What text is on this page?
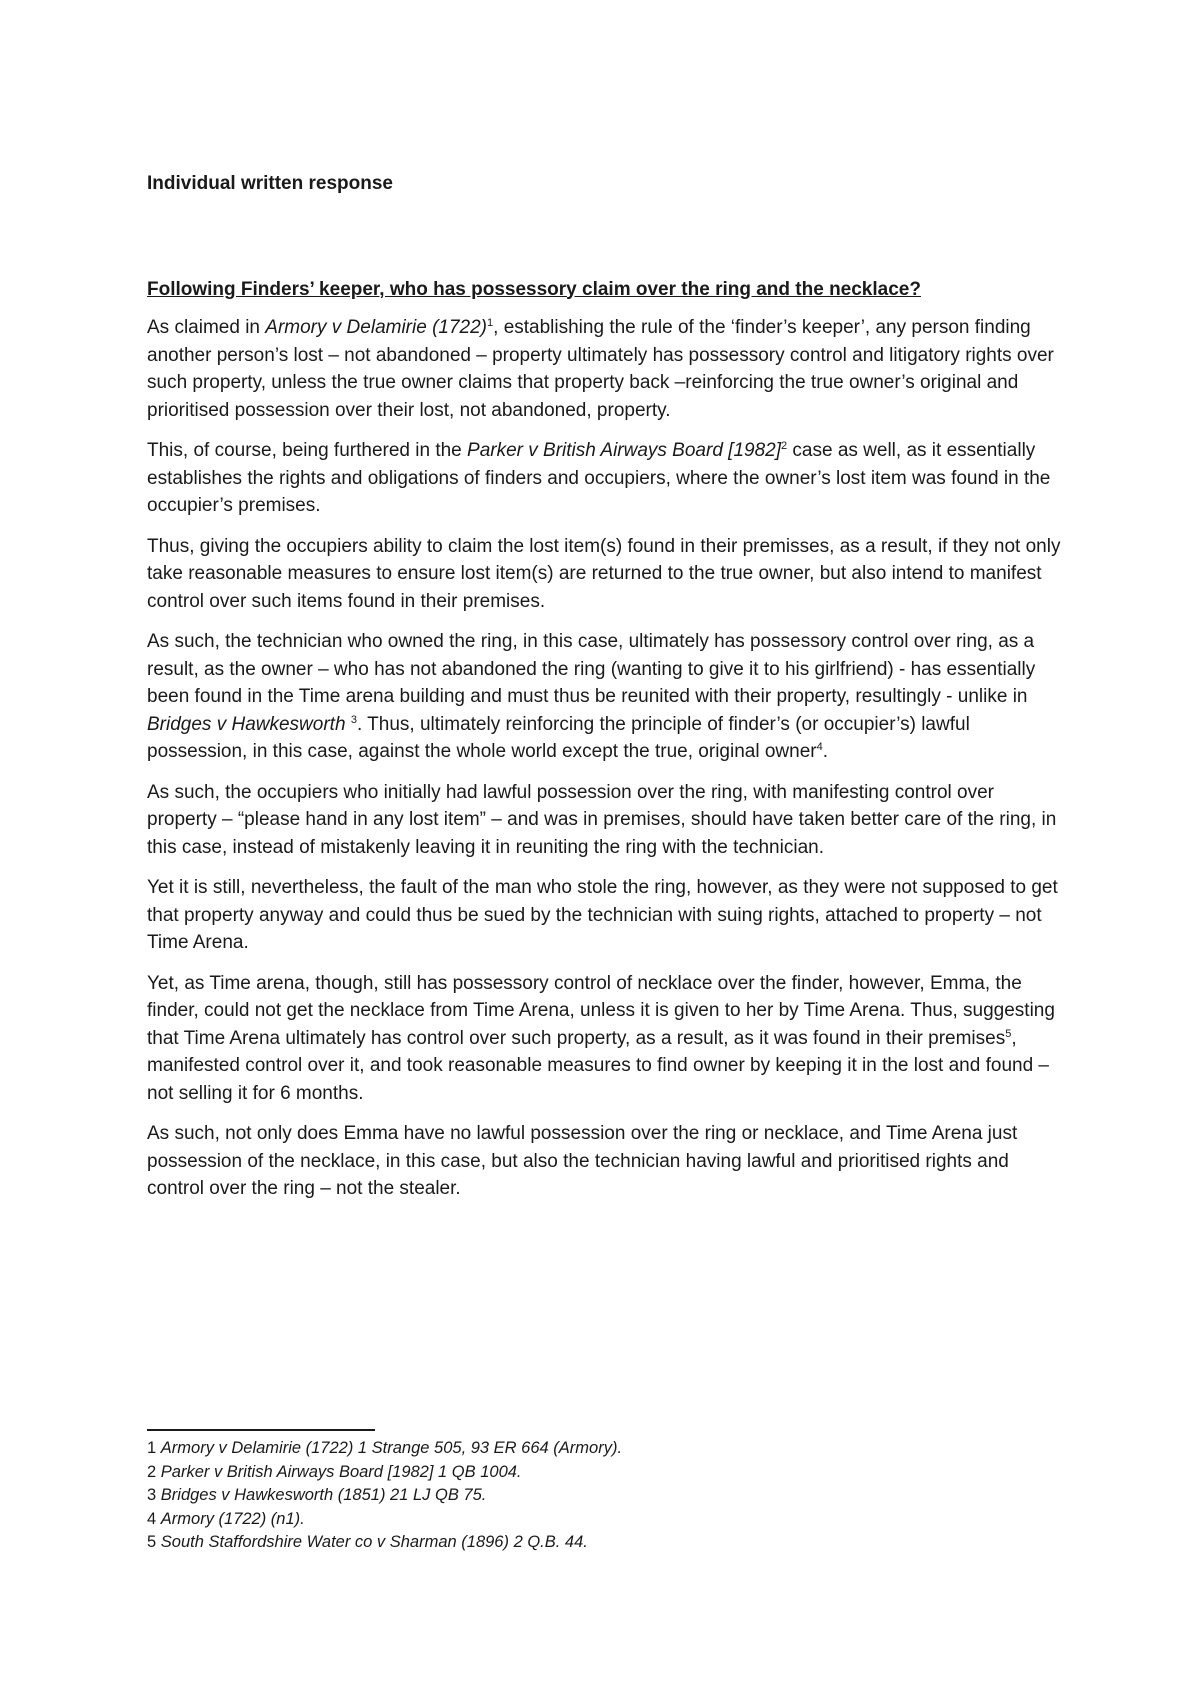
Individual written response

Following Finders’ keeper, who has possessory claim over the ring and the necklace?

As claimed in Armory v Delamirie $(1722)^1$, establishing the rule of the ‘finder’s keeper’, any person finding another person’s lost – not abandoned – property ultimately has possessory control and litigatory rights over such property, unless the true owner claims that property back –reinforcing the true owner’s original and prioritised possession over their lost, not abandoned, property.

This, of course, being furthered in the Parker v British Airways Board $[1982]^2$ case as well, as it essentially establishes the rights and obligations of finders and occupiers, where the owner’s lost item was found in the occupier’s premises.

Thus, giving the occupiers ability to claim the lost item(s) found in their premisses, as a result, if they not only take reasonable measures to ensure lost item(s) are returned to the true owner, but also intend to manifest control over such items found in their premises.

As such, the technician who owned the ring, in this case, ultimately has possessory control over ring, as a result, as the owner – who has not abandoned the ring (wanting to give it to his girlfriend) - has essentially been found in the Time arena building and must thus be reunited with their property, resultingly - unlike in Bridges v Hawkesworth $^3$. Thus, ultimately reinforcing the principle of finder’s (or occupier’s) lawful possession, in this case, against the whole world except the true, original owner$^4$.

As such, the occupiers who initially had lawful possession over the ring, with manifesting control over property – “please hand in any lost item” – and was in premises, should have taken better care of the ring, in this case, instead of mistakenly leaving it in reuniting the ring with the technician.

Yet it is still, nevertheless, the fault of the man who stole the ring, however, as they were not supposed to get that property anyway and could thus be sued by the technician with suing rights, attached to property – not Time Arena.

Yet, as Time arena, though, still has possessory control of necklace over the finder, however, Emma, the finder, could not get the necklace from Time Arena, unless it is given to her by Time Arena. Thus, suggesting that Time Arena ultimately has control over such property, as a result, as it was found in their premises$^5$, manifested control over it, and took reasonable measures to find owner by keeping it in the lost and found – not selling it for 6 months.

As such, not only does Emma have no lawful possession over the ring or necklace, and Time Arena just possession of the necklace, in this case, but also the technician having lawful and prioritised rights and control over the ring – not the stealer.

1 Armory v Delamirie (1722) 1 Strange 505, 93 ER 664 (Armory).

2 Parker v British Airways Board [1982] 1 QB 1004.

3 Bridges v Hawkesworth (1851) 21 LJ QB 75.

4 Armory (1722) (n1).

5 South Staffordshire Water co v Sharman (1896) 2 Q.B. 44.
